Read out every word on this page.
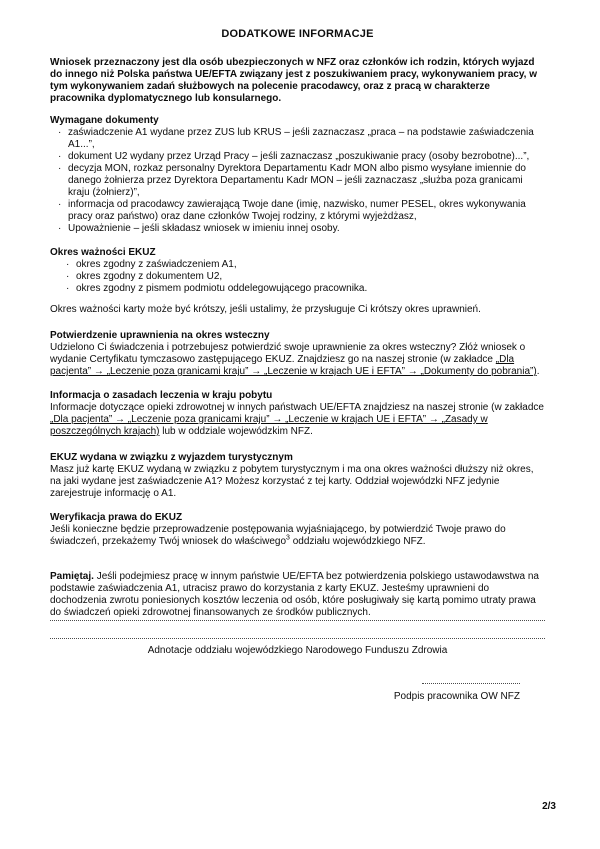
DODATKOWE INFORMACJE

Wniosek przeznaczony jest dla osób ubezpieczonych w NFZ oraz członków ich rodzin, których wyjazd do innego niż Polska państwa UE/EFTA związany jest z poszukiwaniem pracy, wykonywaniem pracy, w tym wykonywaniem zadań służbowych na polecenie pracodawcy, oraz z pracą w charakterze pracownika dyplomatycznego lub konsularnego.

Wymagane dokumenty
· zaświadczenie A1 wydane przez ZUS lub KRUS – jeśli zaznaczasz „praca – na podstawie zaświadczenia A1...”,
· dokument U2 wydany przez Urząd Pracy – jeśli zaznaczasz „poszukiwanie pracy (osoby bezrobotne)...”,
· decyzja MON, rozkaz personalny Dyrektora Departamentu Kadr MON albo pismo wysyłane imiennie do danego żołnierza przez Dyrektora Departamentu Kadr MON – jeśli zaznaczasz „służba poza granicami kraju (żołnierz)”,
· informacja od pracodawcy zawierającą Twoje dane (imię, nazwisko, numer PESEL, okres wykonywania pracy oraz państwo) oraz dane członków Twojej rodziny, z którymi wyjeżdżasz,
· Upoważnienie – jeśli składasz wniosek w imieniu innej osoby.
Okres ważności EKUZ
· okres zgodny z zaświadczeniem A1,
· okres zgodny z dokumentem U2,
· okres zgodny z pismem podmiotu oddelegowującego pracownika.

Okres ważności karty może być krótszy, jeśli ustalimy, że przysługuje Ci krótszy okres uprawnień.

Potwierdzenie uprawnienia na okres wsteczny

Udzielono Ci świadczenia i potrzebujesz potwierdzić swoje uprawnienie za okres wsteczny? Złóż wniosek o wydanie Certyfikatu tymczasowo zastępującego EKUZ. Znajdziesz go na naszej stronie (w zakładce „Dla pacjenta” → „Leczenie poza granicami kraju” → „Leczenie w krajach UE i EFTA” → „Dokumenty do pobrania”).

Informacja o zasadach leczenia w kraju pobytu

Informacje dotyczące opieki zdrowotnej w innych państwach UE/EFTA znajdziesz na naszej stronie (w zakładce „Dla pacjenta” → „Leczenie poza granicami kraju” → „Leczenie w krajach UE i EFTA” → „Zasady w poszczególnych krajach) lub w oddziale wojewódzkim NFZ.

EKUZ wydana w związku z wyjazdem turystycznym

Masz już kartę EKUZ wydaną w związku z pobytem turystycznym i ma ona okres ważności dłuższy niż okres, na jaki wydane jest zaświadczenie A1? Możesz korzystać z tej karty. Oddział wojewódzki NFZ jedynie zarejestruje informację o A1.

Weryfikacja prawa do EKUZ

Jeśli konieczne będzie przeprowadzenie postępowania wyjaśniającego, by potwierdzić Twoje prawo do świadczeń, przekażemy Twój wniosek do właściwego$^3$ oddziału wojewódzkiego NFZ.

Pamiętaj. Jeśli podejmiesz pracę w innym państwie UE/EFTA bez potwierdzenia polskiego ustawodawstwa na podstawie zaświadczenia A1, utracisz prawo do korzystania z karty EKUZ. Jesteśmy uprawnieni do dochodzenia zwrotu poniesionych kosztów leczenia od osób, które posługiwały się kartą pomimo utraty prawa do świadczeń opieki zdrowotnej finansowanych ze środków publicznych.

Adnotacje oddziału wojewódzkiego Narodowego Funduszu Zdrowia

Podpis pracownika OW NFZ
2/3
